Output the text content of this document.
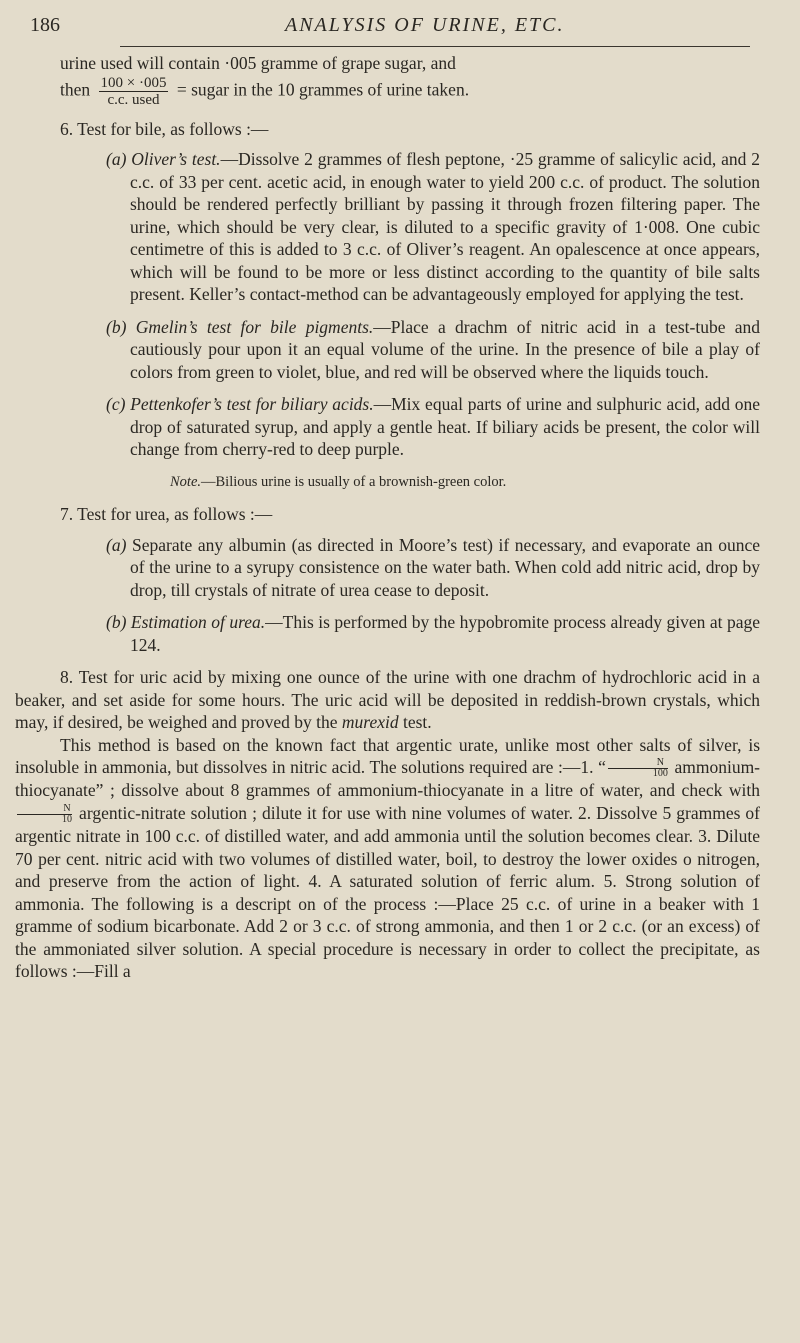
186	ANALYSIS OF URINE, ETC.

urine used will contain ·005 gramme of grape sugar, and
then $\frac{100 \times \cdot 005}{\text{c.c. used}}$ = sugar in the 10 grammes of urine taken.

6. Test for bile, as follows :—

(a) Oliver’s test.—Dissolve 2 grammes of flesh peptone, ·25 gramme of salicylic acid, and 2 c.c. of 33 per cent. acetic acid, in enough water to yield 200 c.c. of product. The solution should be rendered perfectly brilliant by passing it through frozen filtering paper. The urine, which should be very clear, is diluted to a specific gravity of 1·008. One cubic centimetre of this is added to 3 c.c. of Oliver’s reagent. An opalescence at once appears, which will be found to be more or less distinct according to the quantity of bile salts present. Keller’s contact-method can be advantageously employed for applying the test.

(b) Gmelin’s test for bile pigments.—Place a drachm of nitric acid in a test-tube and cautiously pour upon it an equal volume of the urine. In the presence of bile a play of colors from green to violet, blue, and red will be observed where the liquids touch.

(c) Pettenkofer’s test for biliary acids.—Mix equal parts of urine and sulphuric acid, add one drop of saturated syrup, and apply a gentle heat. If biliary acids be present, the color will change from cherry-red to deep purple.

Note.—Bilious urine is usually of a brownish-green color.

7. Test for urea, as follows :—

(a) Separate any albumin (as directed in Moore’s test) if necessary, and evaporate an ounce of the urine to a syrupy consistence on the water bath. When cold add nitric acid, drop by drop, till crystals of nitrate of urea cease to deposit.

(b) Estimation of urea.—This is performed by the hypobromite process already given at page 124.

8. Test for uric acid by mixing one ounce of the urine with one drachm of hydrochloric acid in a beaker, and set aside for some hours. The uric acid will be deposited in reddish-brown crystals, which may, if desired, be weighed and proved by the murexid test.

This method is based on the known fact that argentic urate, unlike most other salts of silver, is insoluble in ammonia, but dissolves in nitric acid. The solutions required are :—1. “ $\frac{N}{100}$ ammonium-thiocyanate” ; dissolve about 8 grammes of ammonium-thiocyanate in a litre of water, and check with
$\frac{N}{10}$ argentic-nitrate solution ; dilute it for use with nine volumes of water. 2. Dissolve 5 grammes of argentic nitrate in 100 c.c. of distilled water, and add ammonia until the solution becomes clear. 3. Dilute 70 per cent. nitric acid with two volumes of distilled water, boil, to destroy the lower oxides o nitrogen, and preserve from the action of light. 4. A saturated solution of ferric alum. 5. Strong solution of ammonia. The following is a descript on of the process :—Place 25 c.c. of urine in a beaker with 1 gramme of sodium bicarbonate. Add 2 or 3 c.c. of strong ammonia, and then 1 or 2 c.c. (or an excess) of the ammoniated silver solution. A special procedure is necessary in order to collect the precipitate, as follows :—Fill a
